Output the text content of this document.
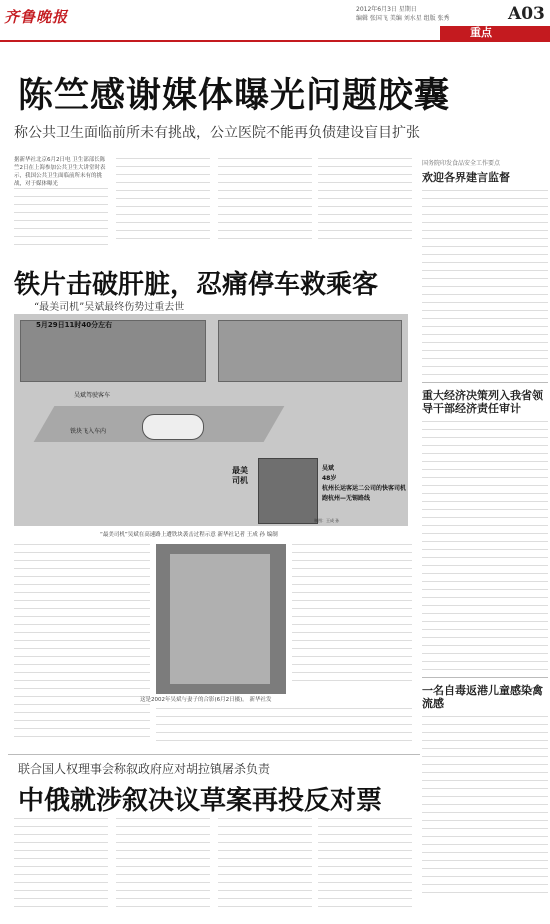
齐鲁晚报	2012年6月3日 星期日
编辑 张国飞 美编 刘水星 组版 张秀	A03
重点
陈竺感谢媒体曝光问题胶囊
称公共卫生面临前所未有挑战，公立医院不能再负债建设盲目扩张
据新华社北京6月2日电 卫生部部长陈竺2日在上海参加公共卫生大讲堂时表示，我国公共卫生面临前所未有的挑战，对于媒体曝光
国务院印发食品安全工作要点
欢迎各界建言监督
重大经济决策列入我省领导干部经济责任审计
一名自毒返港儿童感染禽流感
铁片击破肝脏，忍痛停车救乘客
“最美司机”吴斌最终伤势过重去世
5月29日11时40分左右
吴斌驾驶客车
铁块飞入车内
最美司机
吴斌
48岁
杭州长运客运二公司的快客司机
跑杭州—无锡路线
制图：王成 孙
“最美司机”吴斌在高速路上遭铁块袭击过程示意 新华社记者 王成 孙 编制
这是2002年吴斌与妻子的合影(6月2日摄)。 新华社发
联合国人权理事会称叙政府应对胡拉镇屠杀负责
中俄就涉叙决议草案再投反对票
